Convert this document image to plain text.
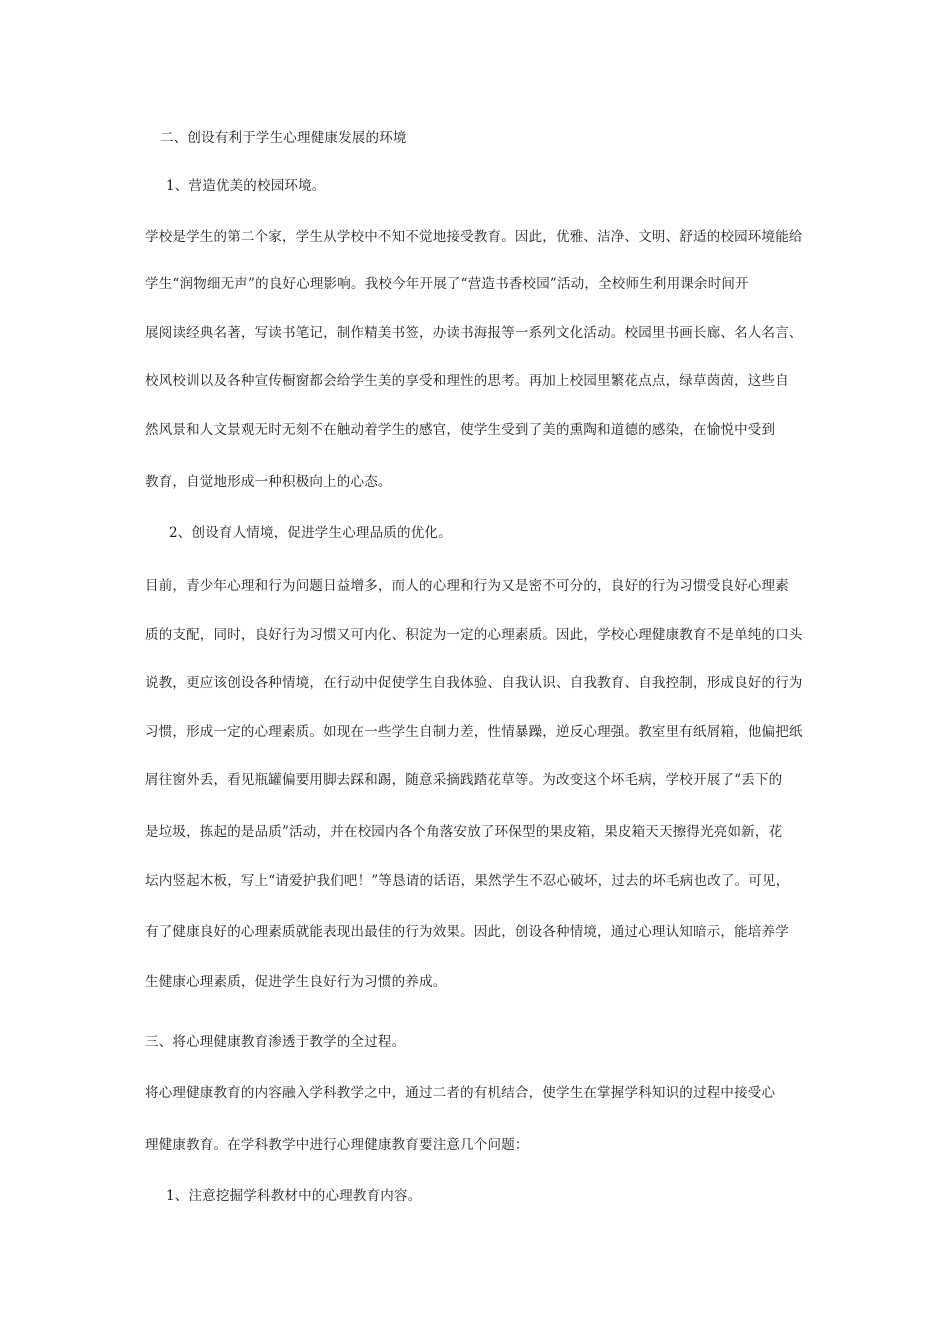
二、创设有利于学生心理健康发展的环境
1、营造优美的校园环境。
学校是学生的第二个家，学生从学校中不知不觉地接受教育。因此，优雅、洁净、文明、舒适的校园环境能给
学生“润物细无声”的良好心理影响。我校今年开展了“营造书香校园”活动，全校师生利用课余时间开
展阅读经典名著，写读书笔记，制作精美书签，办读书海报等一系列文化活动。校园里书画长廊、名人名言、
校风校训以及各种宣传橱窗都会给学生美的享受和理性的思考。再加上校园里繁花点点，绿草茵茵，这些自
然风景和人文景观无时无刻不在触动着学生的感官，使学生受到了美的熏陶和道德的感染，在愉悦中受到
教育，自觉地形成一种积极向上的心态。
2、创设育人情境，促进学生心理品质的优化。
目前，青少年心理和行为问题日益增多，而人的心理和行为又是密不可分的，良好的行为习惯受良好心理素
质的支配，同时，良好行为习惯又可内化、积淀为一定的心理素质。因此，学校心理健康教育不是单纯的口头
说教，更应该创设各种情境，在行动中促使学生自我体验、自我认识、自我教育、自我控制，形成良好的行为
习惯，形成一定的心理素质。如现在一些学生自制力差，性情暴躁，逆反心理强。教室里有纸屑箱，他偏把纸
屑往窗外丢，看见瓶罐偏要用脚去踩和踢，随意采摘践踏花草等。为改变这个坏毛病，学校开展了“丢下的
是垃圾，拣起的是品质”活动，并在校园内各个角落安放了环保型的果皮箱，果皮箱天天擦得光亮如新，花
坛内竖起木板，写上“请爱护我们吧！”等恳请的话语，果然学生不忍心破坏，过去的坏毛病也改了。可见，
有了健康良好的心理素质就能表现出最佳的行为效果。因此，创设各种情境，通过心理认知暗示，能培养学
生健康心理素质，促进学生良好行为习惯的养成。
三、将心理健康教育渗透于教学的全过程。
将心理健康教育的内容融入学科教学之中，通过二者的有机结合，使学生在掌握学科知识的过程中接受心
理健康教育。在学科教学中进行心理健康教育要注意几个问题：
1、注意挖掘学科教材中的心理教育内容。
